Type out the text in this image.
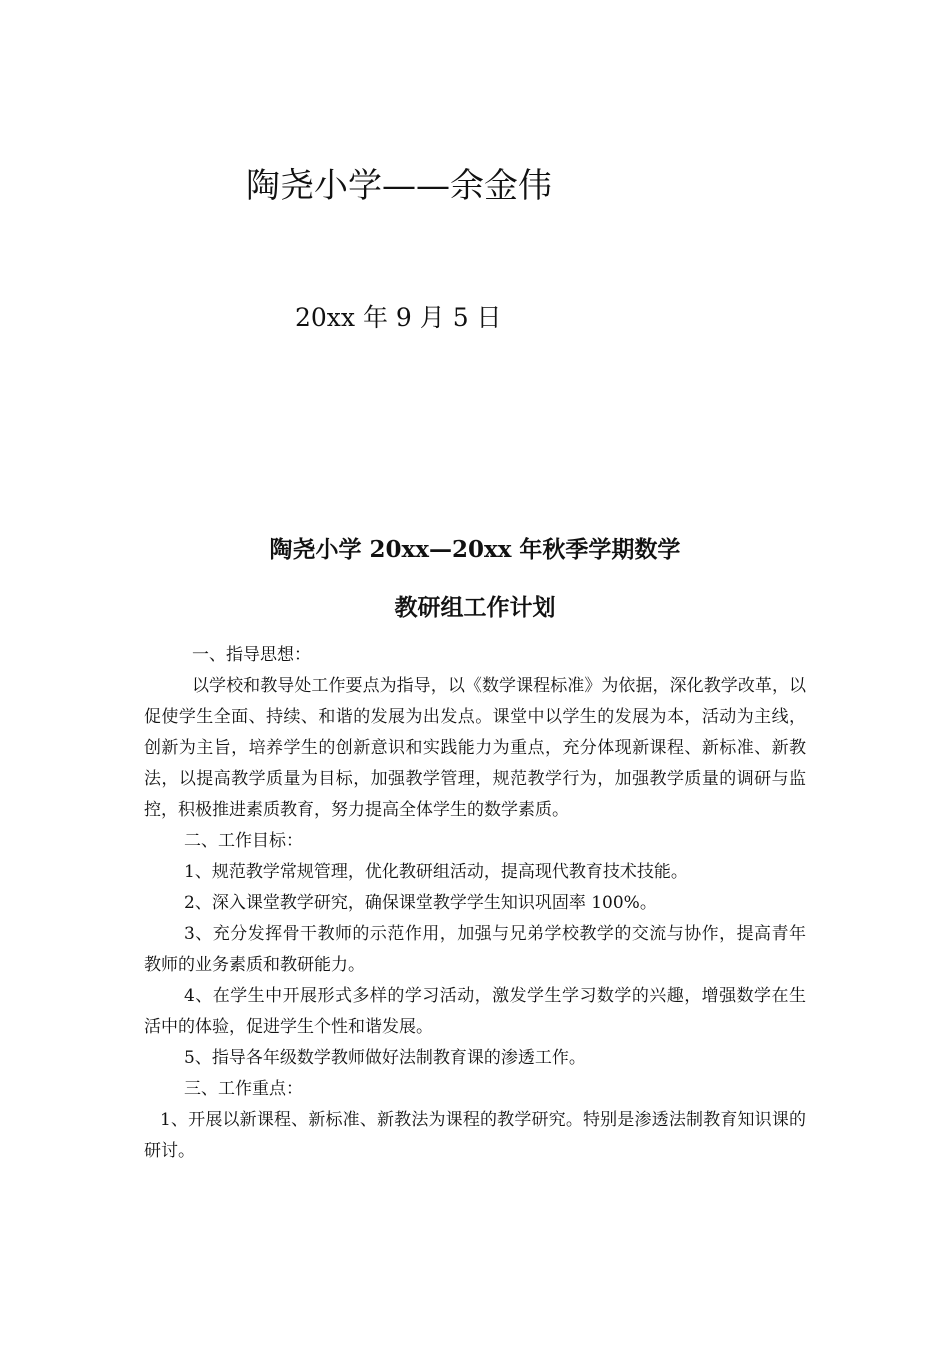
陶尧小学——余金伟
20xx 年 9 月 5 日
陶尧小学 20xx—20xx 年秋季学期数学
教研组工作计划

一、指导思想：

以学校和教导处工作要点为指导，以《数学课程标准》为依据，深化教学改革，以促使学生全面、持续、和谐的发展为出发点。课堂中以学生的发展为本，活动为主线，创新为主旨，培养学生的创新意识和实践能力为重点，充分体现新课程、新标准、新教法，以提高教学质量为目标，加强教学管理，规范教学行为，加强教学质量的调研与监控，积极推进素质教育，努力提高全体学生的数学素质。

二、工作目标：

1、规范教学常规管理，优化教研组活动，提高现代教育技术技能。

2、深入课堂教学研究，确保课堂教学学生知识巩固率 100%。

3、充分发挥骨干教师的示范作用，加强与兄弟学校教学的交流与协作，提高青年教师的业务素质和教研能力。

4、在学生中开展形式多样的学习活动，激发学生学习数学的兴趣，增强数学在生活中的体验，促进学生个性和谐发展。

5、指导各年级数学教师做好法制教育课的渗透工作。

三、工作重点：

1、开展以新课程、新标准、新教法为课程的教学研究。特别是渗透法制教育知识课的研讨。
